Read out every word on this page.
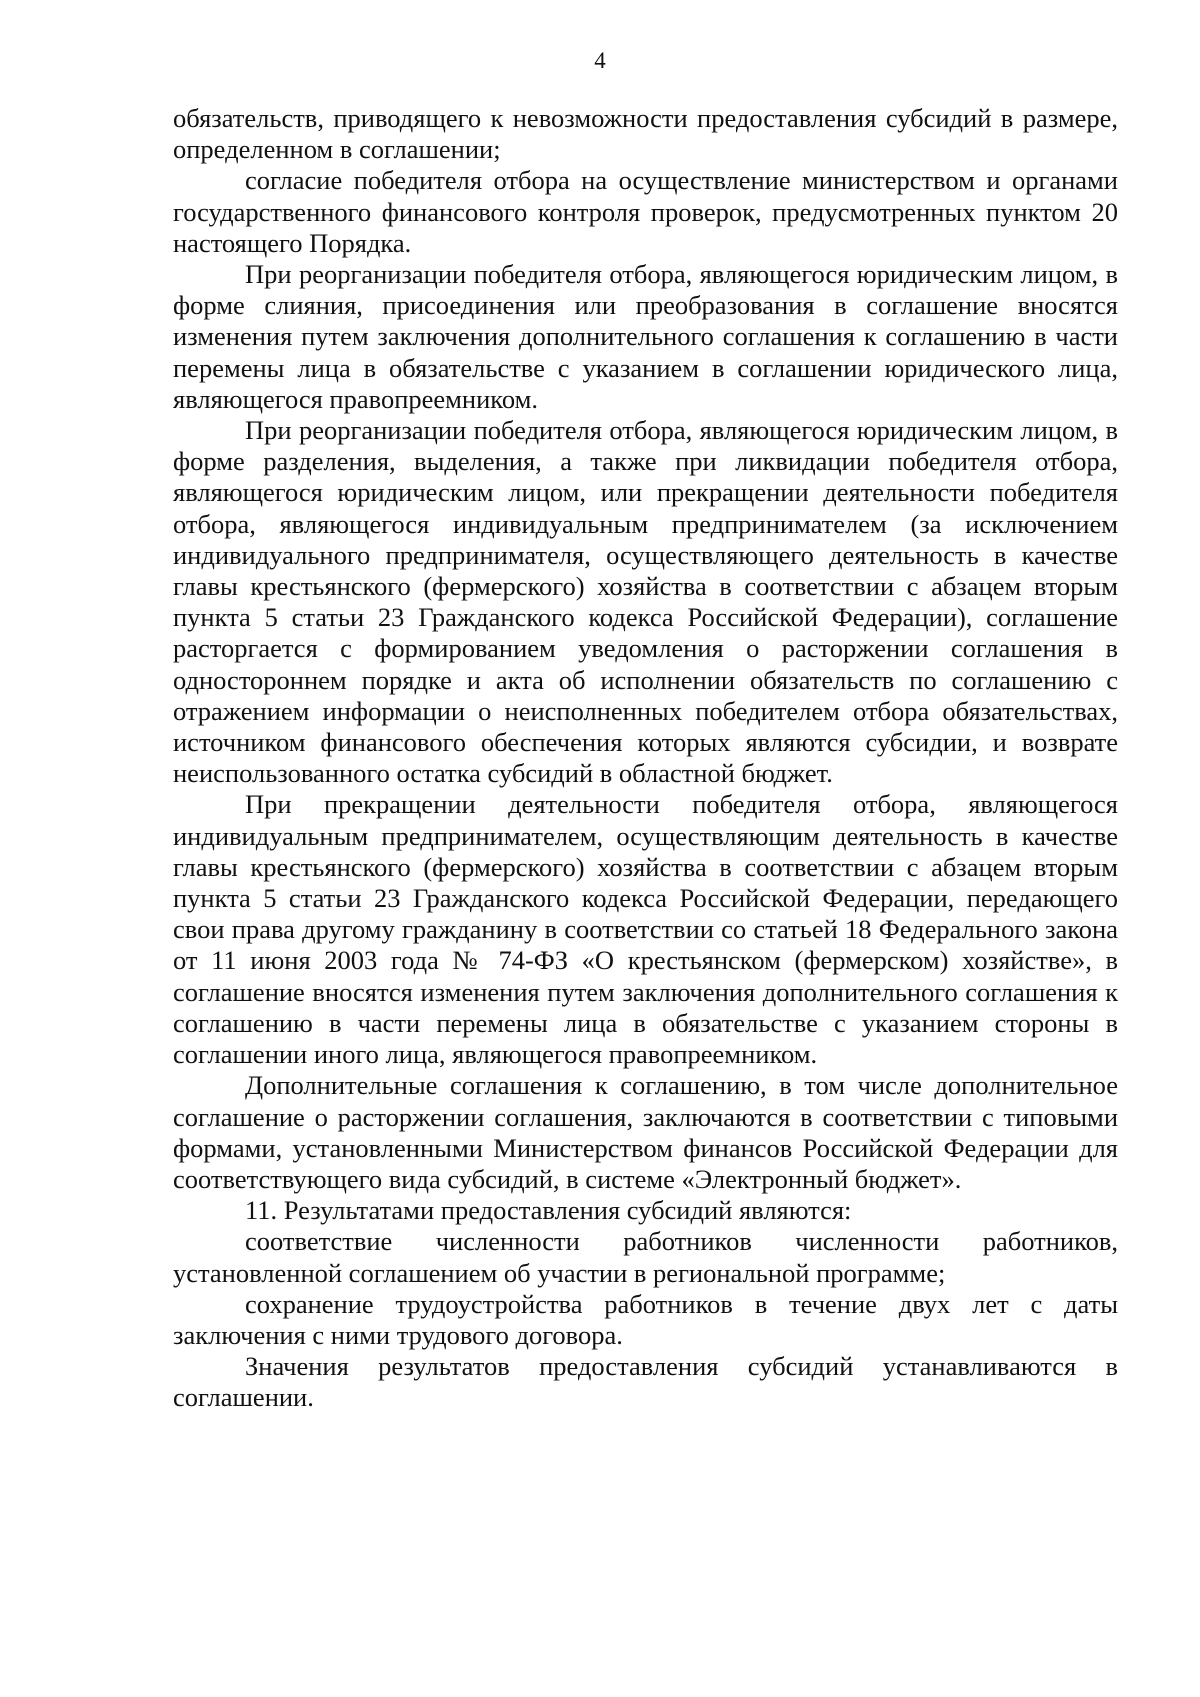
4

обязательств, приводящего к невозможности предоставления субсидий в размере, определенном в соглашении;

согласие победителя отбора на осуществление министерством и органами государственного финансового контроля проверок, предусмотренных пунктом 20 настоящего Порядка.

При реорганизации победителя отбора, являющегося юридическим лицом, в форме слияния, присоединения или преобразования в соглашение вносятся изменения путем заключения дополнительного соглашения к соглашению в части перемены лица в обязательстве с указанием в соглашении юридического лица, являющегося правопреемником.

При реорганизации победителя отбора, являющегося юридическим лицом, в форме разделения, выделения, а также при ликвидации победителя отбора, являющегося юридическим лицом, или прекращении деятельности победителя отбора, являющегося индивидуальным предпринимателем (за исключением индивидуального предпринимателя, осуществляющего деятельность в качестве главы крестьянского (фермерского) хозяйства в соответствии с абзацем вторым пункта 5 статьи 23 Гражданского кодекса Российской Федерации), соглашение расторгается с формированием уведомления о расторжении соглашения в одностороннем порядке и акта об исполнении обязательств по соглашению с отражением информации о неисполненных победителем отбора обязательствах, источником финансового обеспечения которых являются субсидии, и возврате неиспользованного остатка субсидий в областной бюджет.

При прекращении деятельности победителя отбора, являющегося индивидуальным предпринимателем, осуществляющим деятельность в качестве главы крестьянского (фермерского) хозяйства в соответствии с абзацем вторым пункта 5 статьи 23 Гражданского кодекса Российской Федерации, передающего свои права другому гражданину в соответствии со статьей 18 Федерального закона от 11 июня 2003 года № 74-ФЗ «О крестьянском (фермерском) хозяйстве», в соглашение вносятся изменения путем заключения дополнительного соглашения к соглашению в части перемены лица в обязательстве с указанием стороны в соглашении иного лица, являющегося правопреемником.

Дополнительные соглашения к соглашению, в том числе дополнительное соглашение о расторжении соглашения, заключаются в соответствии с типовыми формами, установленными Министерством финансов Российской Федерации для соответствующего вида субсидий, в системе «Электронный бюджет».

11. Результатами предоставления субсидий являются:

соответствие численности работников численности работников, установленной соглашением об участии в региональной программе;

сохранение трудоустройства работников в течение двух лет с даты заключения с ними трудового договора.

Значения результатов предоставления субсидий устанавливаются в соглашении.
